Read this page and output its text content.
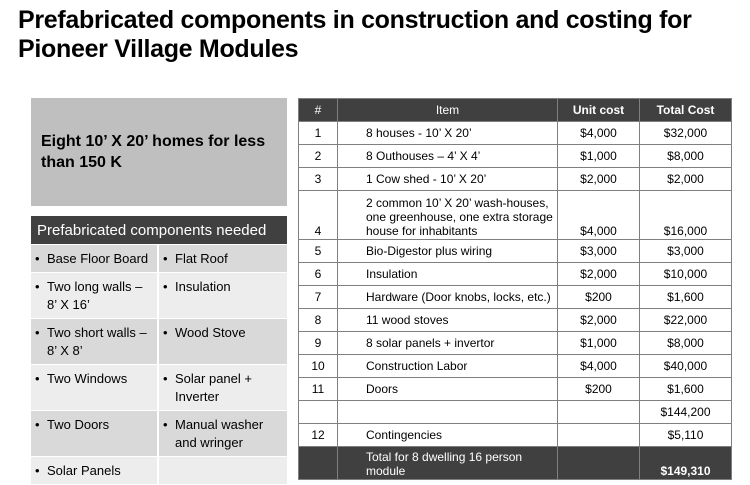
Prefabricated components in construction and costing for Pioneer Village Modules
Eight 10’ X 20’ homes for less than 150 K
Prefabricated components needed	

• Base Floor Board	• Flat Roof

• Two long walls – 8’ X 16’	• Insulation

• Two short walls – 8’ X 8’	• Wood Stove

• Two Windows	• Solar panel + Inverter

• Two Doors	• Manual washer and wringer

• Solar Panels	

#	Item	Unit cost	Total Cost
1	8 houses - 10’ X 20’	$4,000	$32,000
2	8 Outhouses – 4’ X 4’	$1,000	$8,000
3	1 Cow shed - 10’ X 20’	$2,000	$2,000
4	2 common 10’ X 20’ wash-houses, one greenhouse, one extra storage house for inhabitants	$4,000	$16,000
5	Bio-Digestor plus wiring	$3,000	$3,000
6	Insulation	$2,000	$10,000
7	Hardware (Door knobs, locks, etc.)	$200	$1,600
8	11 wood stoves	$2,000	$22,000
9	8 solar panels + invertor	$1,000	$8,000
10	Construction Labor	$4,000	$40,000
11	Doors	$200	$1,600
			$144,200
12	Contingencies		$5,110
	Total for 8 dwelling 16 person module		$149,310
